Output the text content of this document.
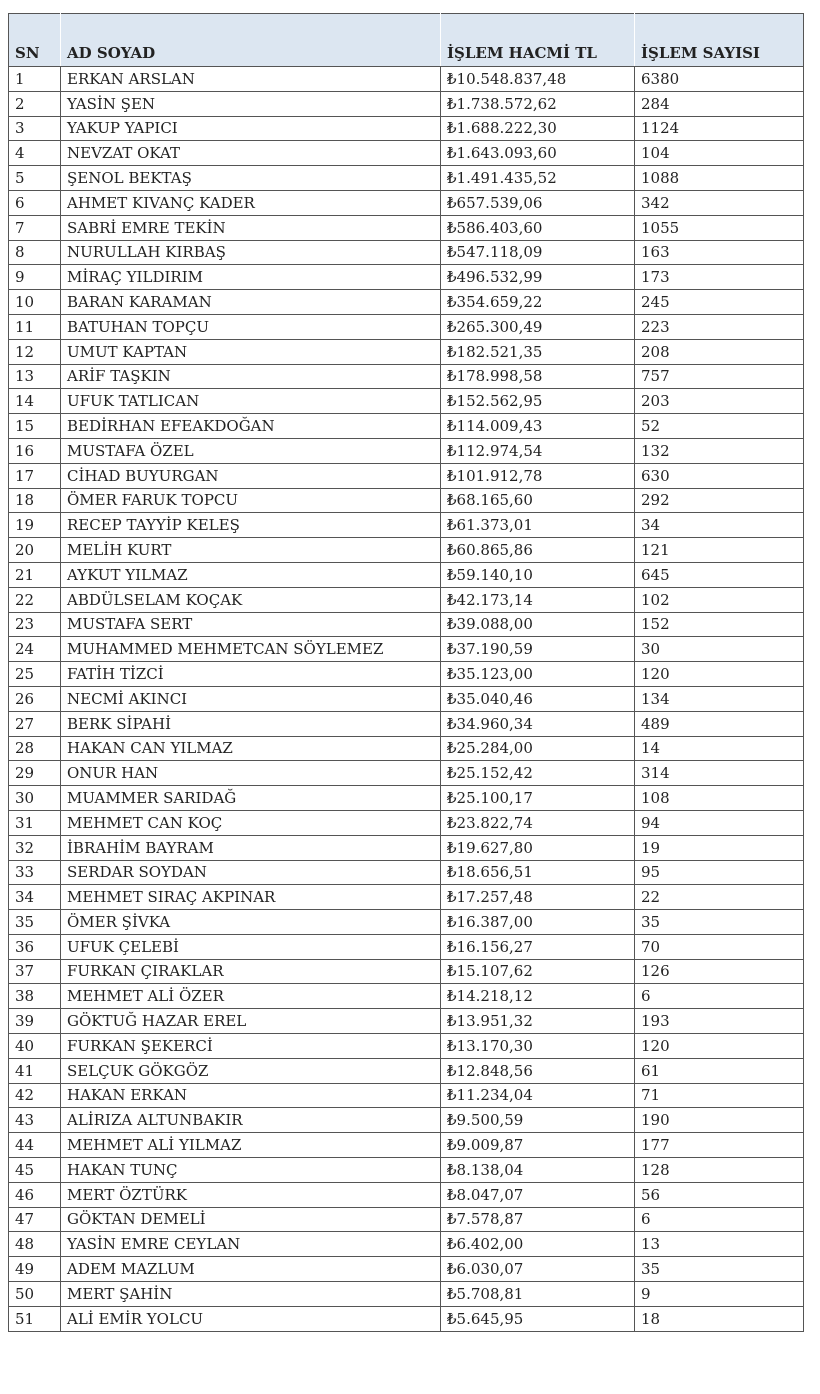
SN	AD SOYAD	İŞLEM HACMİ TL	İŞLEM SAYISI
1	ERKAN ARSLAN	₺10.548.837,48	6380
2	YASİN ŞEN	₺1.738.572,62	284
3	YAKUP YAPICI	₺1.688.222,30	1124
4	NEVZAT OKAT	₺1.643.093,60	104
5	ŞENOL BEKTAŞ	₺1.491.435,52	1088
6	AHMET KIVANÇ KADER	₺657.539,06	342
7	SABRİ EMRE TEKİN	₺586.403,60	1055
8	NURULLAH KIRBAŞ	₺547.118,09	163
9	MİRAÇ YILDIRIM	₺496.532,99	173
10	BARAN KARAMAN	₺354.659,22	245
11	BATUHAN TOPÇU	₺265.300,49	223
12	UMUT KAPTAN	₺182.521,35	208
13	ARİF TAŞKIN	₺178.998,58	757
14	UFUK TATLICAN	₺152.562,95	203
15	BEDİRHAN EFEAKDOĞAN	₺114.009,43	52
16	MUSTAFA ÖZEL	₺112.974,54	132
17	CİHAD BUYURGAN	₺101.912,78	630
18	ÖMER FARUK TOPCU	₺68.165,60	292
19	RECEP TAYYİP KELEŞ	₺61.373,01	34
20	MELİH KURT	₺60.865,86	121
21	AYKUT YILMAZ	₺59.140,10	645
22	ABDÜLSELAM KOÇAK	₺42.173,14	102
23	MUSTAFA SERT	₺39.088,00	152
24	MUHAMMED MEHMETCAN SÖYLEMEZ	₺37.190,59	30
25	FATİH TİZCİ	₺35.123,00	120
26	NECMİ AKINCI	₺35.040,46	134
27	BERK SİPAHİ	₺34.960,34	489
28	HAKAN CAN YILMAZ	₺25.284,00	14
29	ONUR HAN	₺25.152,42	314
30	MUAMMER SARIDAĞ	₺25.100,17	108
31	MEHMET CAN KOÇ	₺23.822,74	94
32	İBRAHİM BAYRAM	₺19.627,80	19
33	SERDAR SOYDAN	₺18.656,51	95
34	MEHMET SIRAÇ AKPINAR	₺17.257,48	22
35	ÖMER ŞİVKA	₺16.387,00	35
36	UFUK ÇELEBİ	₺16.156,27	70
37	FURKAN ÇIRAKLAR	₺15.107,62	126
38	MEHMET ALİ ÖZER	₺14.218,12	6
39	GÖKTUĞ HAZAR EREL	₺13.951,32	193
40	FURKAN ŞEKERCİ	₺13.170,30	120
41	SELÇUK GÖKGÖZ	₺12.848,56	61
42	HAKAN ERKAN	₺11.234,04	71
43	ALİRIZA ALTUNBAKIR	₺9.500,59	190
44	MEHMET ALİ YILMAZ	₺9.009,87	177
45	HAKAN TUNÇ	₺8.138,04	128
46	MERT ÖZTÜRK	₺8.047,07	56
47	GÖKTAN DEMELİ	₺7.578,87	6
48	YASİN EMRE CEYLAN	₺6.402,00	13
49	ADEM MAZLUM	₺6.030,07	35
50	MERT ŞAHİN	₺5.708,81	9
51	ALİ EMİR YOLCU	₺5.645,95	18
